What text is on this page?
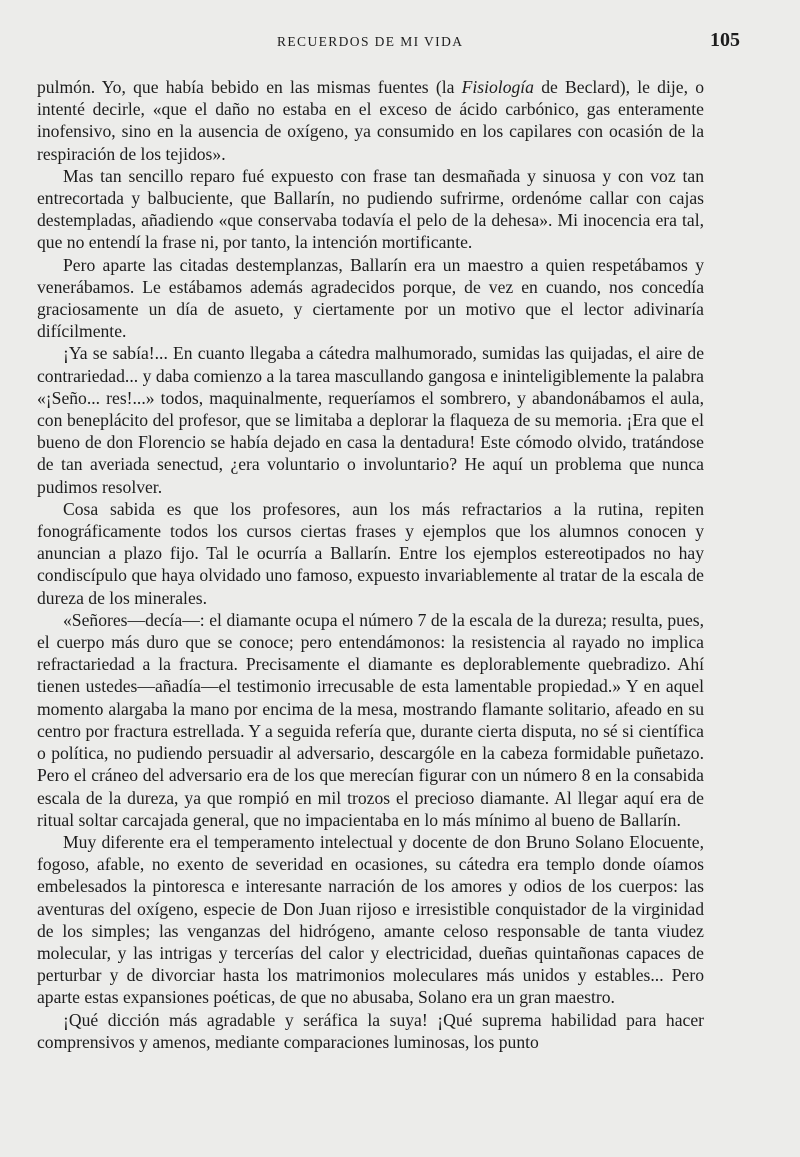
RECUERDOS DE MI VIDA	105

pulmón. Yo, que había bebido en las mismas fuentes (la Fisiología de Beclard), le dije, o intenté decirle, «que el daño no estaba en el exceso de ácido carbónico, gas enteramente inofensivo, sino en la ausencia de oxígeno, ya consumido en los capilares con ocasión de la respiración de los tejidos».

Mas tan sencillo reparo fué expuesto con frase tan desmañada y sinuosa y con voz tan entrecortada y balbuciente, que Ballarín, no pudiendo sufrirme, ordenóme callar con cajas destempladas, añadiendo «que conservaba todavía el pelo de la dehesa». Mi inocencia era tal, que no entendí la frase ni, por tanto, la intención mortificante.

Pero aparte las citadas destemplanzas, Ballarín era un maestro a quien respetábamos y venerábamos. Le estábamos además agradecidos porque, de vez en cuando, nos concedía graciosamente un día de asueto, y ciertamente por un motivo que el lector adivinaría difícilmente.

¡Ya se sabía!... En cuanto llegaba a cátedra malhumorado, sumidas las quijadas, el aire de contrariedad... y daba comienzo a la tarea mascullando gangosa e ininteligiblemente la palabra «¡Seño... res!...» todos, maquinalmente, requeríamos el sombrero, y abandonábamos el aula, con beneplácito del profesor, que se limitaba a deplorar la flaqueza de su memoria. ¡Era que el bueno de don Florencio se había dejado en casa la dentadura! Este cómodo olvido, tratándose de tan averiada senectud, ¿era voluntario o involuntario? He aquí un problema que nunca pudimos resolver.

Cosa sabida es que los profesores, aun los más refractarios a la rutina, repiten fonográficamente todos los cursos ciertas frases y ejemplos que los alumnos conocen y anuncian a plazo fijo. Tal le ocurría a Ballarín. Entre los ejemplos estereotipados no hay condiscípulo que haya olvidado uno famoso, expuesto invariablemente al tratar de la escala de dureza de los minerales.

«Señores—decía—: el diamante ocupa el número 7 de la escala de la dureza; resulta, pues, el cuerpo más duro que se conoce; pero entendámonos: la resistencia al rayado no implica refractariedad a la fractura. Precisamente el diamante es deplorablemente quebradizo. Ahí tienen ustedes—añadía—el testimonio irrecusable de esta lamentable propiedad.» Y en aquel momento alargaba la mano por encima de la mesa, mostrando flamante solitario, afeado en su centro por fractura estrellada. Y a seguida refería que, durante cierta disputa, no sé si científica o política, no pudiendo persuadir al adversario, descargóle en la cabeza formidable puñetazo. Pero el cráneo del adversario era de los que merecían figurar con un número 8 en la consabida escala de la dureza, ya que rompió en mil trozos el precioso diamante. Al llegar aquí era de ritual soltar carcajada general, que no impacientaba en lo más mínimo al bueno de Ballarín.

Muy diferente era el temperamento intelectual y docente de don Bruno Solano Elocuente, fogoso, afable, no exento de severidad en ocasiones, su cátedra era templo donde oíamos embelesados la pintoresca e interesante narración de los amores y odios de los cuerpos: las aventuras del oxígeno, especie de Don Juan rijoso e irresistible conquistador de la virginidad de los simples; las venganzas del hidrógeno, amante celoso responsable de tanta viudez molecular, y las intrigas y tercerías del calor y electricidad, dueñas quintañonas capaces de perturbar y de divorciar hasta los matrimonios moleculares más unidos y estables... Pero aparte estas expansiones poéticas, de que no abusaba, Solano era un gran maestro.

¡Qué dicción más agradable y seráfica la suya! ¡Qué suprema habilidad para hacer comprensivos y amenos, mediante comparaciones luminosas, los punto
